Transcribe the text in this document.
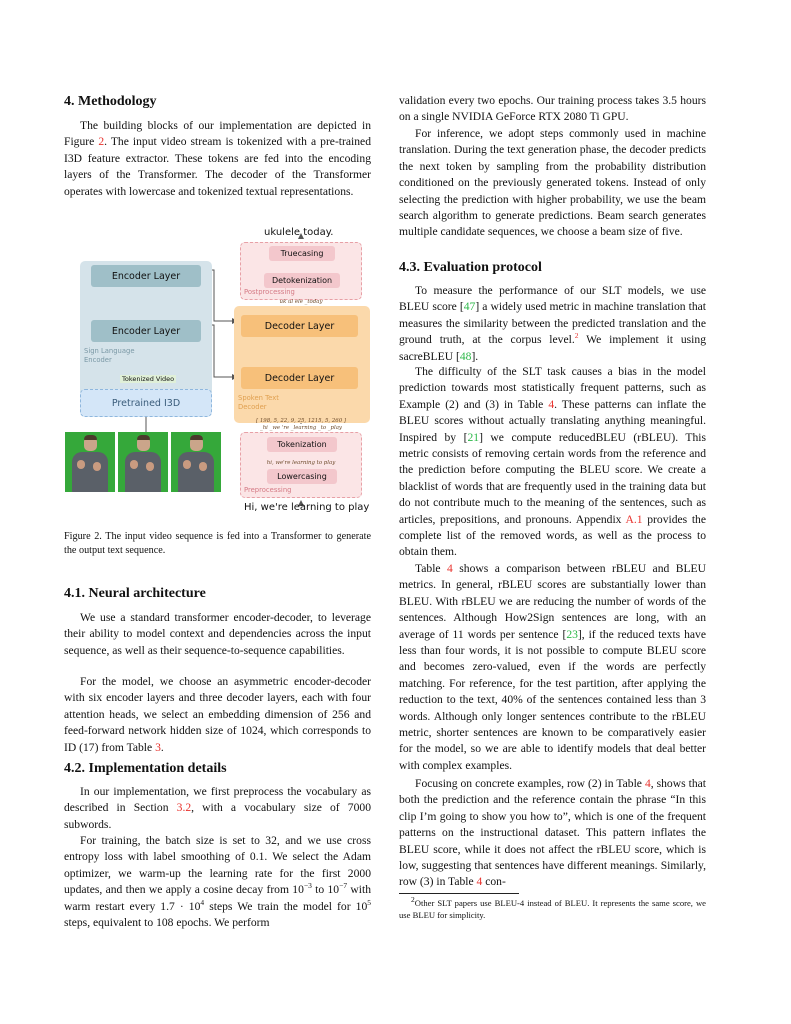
4. Methodology

The building blocks of our implementation are depicted in Figure 2. The input video stream is tokenized with a pre-trained I3D feature extractor. These tokens are fed into the encoding layers of the Transformer. The decoder of the Transformer operates with lowercase and tokenized textual representations.

ukulele today.
Truecasing
Detokenization
Postprocessing
uk ul ele _today
Encoder Layer
Encoder Layer
Sign Language Encoder
Decoder Layer
Decoder Layer
Spoken Text Decoder
Tokenized Video
Pretrained I3D
[ 198, 5, 22, 9, 25, 1215, 5, 260 ]
_hi _we 're _learning _to _play
Tokenization
hi, we're learning to play
Lowercasing
Preprocessing
Hi, we're learning to play

Figure 2. The input video sequence is fed into a Transformer to generate the output text sequence.

4.1. Neural architecture

We use a standard transformer encoder-decoder, to leverage their ability to model context and dependencies across the input sequence, as well as their sequence-to-sequence capabilities.

For the model, we choose an asymmetric encoder-decoder with six encoder layers and three decoder layers, each with four attention heads, we select an embedding dimension of 256 and feed-forward network hidden size of 1024, which corresponds to ID (17) from Table 3.

4.2. Implementation details

In our implementation, we first preprocess the vocabulary as described in Section 3.2, with a vocabulary size of 7000 subwords.

For training, the batch size is set to 32, and we use cross entropy loss with label smoothing of 0.1. We select the Adam optimizer, we warm-up the learning rate for the first 2000 updates, and then we apply a cosine decay from $10^{-3}$ to $10^{-7}$ with warm restart every $1.7 \cdot 10^4$ steps We train the model for $10^5$ steps, equivalent to 108 epochs. We perform

validation every two epochs. Our training process takes 3.5 hours on a single NVIDIA GeForce RTX 2080 Ti GPU.

For inference, we adopt steps commonly used in machine translation. During the text generation phase, the decoder predicts the next token by sampling from the probability distribution conditioned on the previously generated tokens. Instead of only selecting the prediction with higher probability, we use the beam search algorithm to generate predictions. Beam search generates multiple candidate sequences, we choose a beam size of five.

4.3. Evaluation protocol

To measure the performance of our SLT models, we use BLEU score [47] a widely used metric in machine translation that measures the similarity between the predicted translation and the ground truth, at the corpus level.$^2$ We implement it using sacreBLEU [48].

The difficulty of the SLT task causes a bias in the model prediction towards most statistically frequent patterns, such as Example (2) and (3) in Table 4. These patterns can inflate the BLEU scores without actually translating anything meaningful. Inspired by [21] we compute reducedBLEU (rBLEU). This metric consists of removing certain words from the reference and the prediction before computing the BLEU score. We create a blacklist of words that are frequently used in the training data but do not contribute much to the meaning of the sentences, such as articles, prepositions, and pronouns. Appendix A.1 provides the complete list of the removed words, as well as the process to obtain them.

Table 4 shows a comparison between rBLEU and BLEU metrics. In general, rBLEU scores are substantially lower than BLEU. With rBLEU we are reducing the number of words of the sentences. Although How2Sign sentences are long, with an average of 11 words per sentence [23], if the reduced texts have less than four words, it is not possible to compute BLEU score and becomes zero-valued, even if the words are perfectly matching. For reference, for the test partition, after applying the reduction to the text, 40% of the sentences contained less than 3 words. Although only longer sentences contribute to the rBLEU metric, shorter sentences are known to be comparatively easier for the model, so we are able to identify models that deal better with complex examples.

Focusing on concrete examples, row (2) in Table 4, shows that both the prediction and the reference contain the phrase “In this clip I’m going to show you how to”, which is one of the frequent patterns on the instructional dataset. This pattern inflates the BLEU score, while it does not affect the rBLEU score, which is low, suggesting that sentences have different meanings. Similarly, row (3) in Table 4 con-

$^2$Other SLT papers use BLEU-4 instead of BLEU. It represents the same score, we use BLEU for simplicity.
